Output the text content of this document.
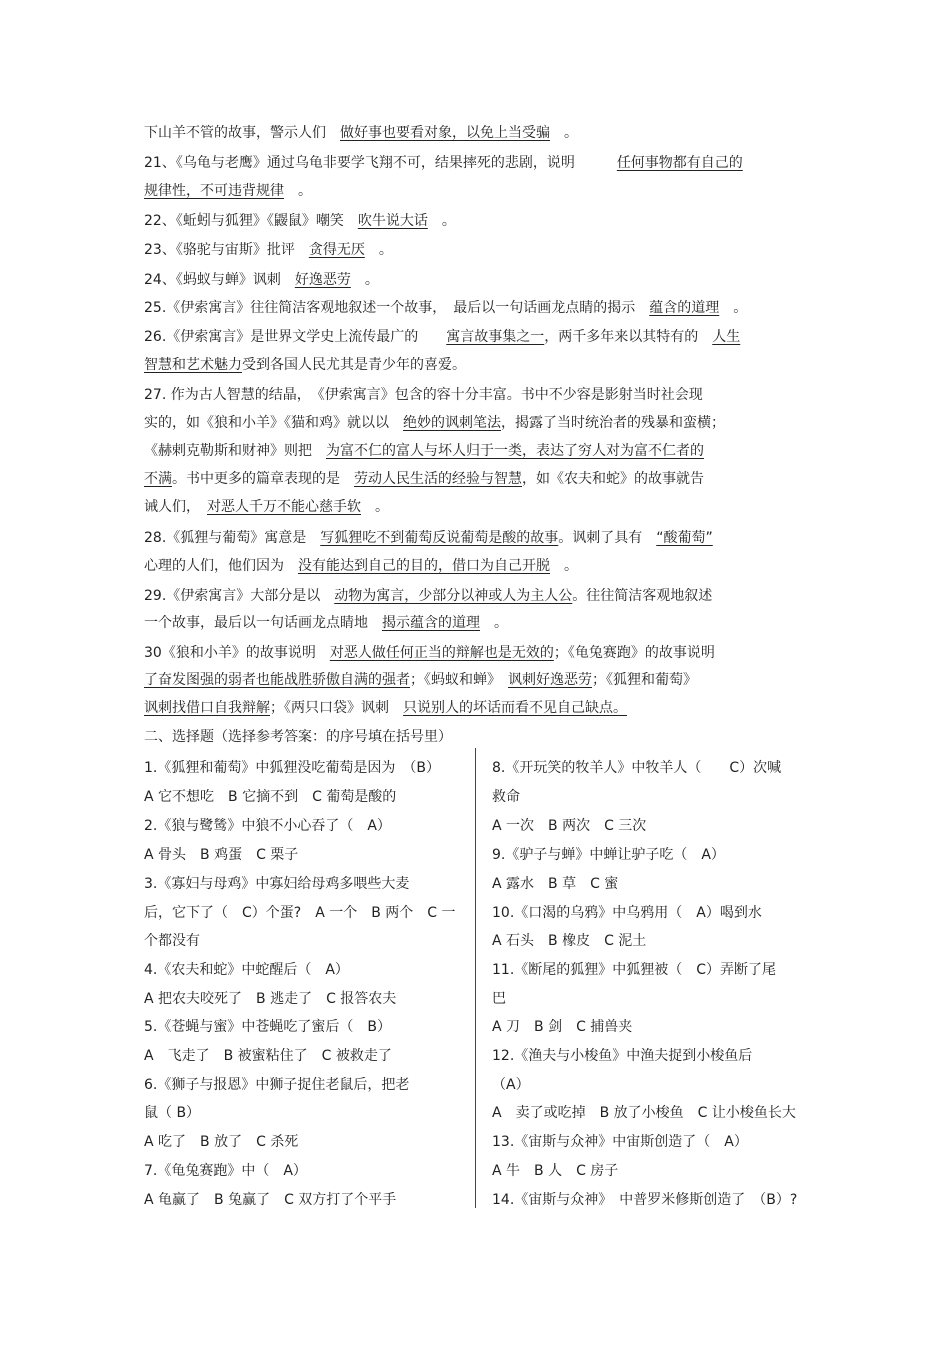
下山羊不管的故事，警示人们　做好事也要看对象，以免上当受骗　。
21、《乌龟与老鹰》通过乌龟非要学飞翔不可，结果摔死的悲剧，说明　　　任何事物都有自己的
规律性，不可违背规律　。
22、《蚯蚓与狐狸》《鼹鼠》嘲笑　吹牛说大话　。
23、《骆驼与宙斯》批评　贪得无厌　。
24、《蚂蚁与蝉》讽刺　好逸恶劳　。
25.《伊索寓言》往往简洁客观地叙述一个故事，　最后以一句话画龙点睛的揭示　蕴含的道理　。
26.《伊索寓言》是世界文学史上流传最广的　　寓言故事集之一，两千多年来以其特有的　人生
智慧和艺术魅力受到各国人民尤其是青少年的喜爱。
27. 作为古人智慧的结晶，　《伊索寓言》包含的容十分丰富。书中不少容是影射当时社会现
实的，如《狼和小羊》《猫和鸡》就以以　绝妙的讽刺笔法，揭露了当时统治者的残暴和蛮横；
《赫剌克勒斯和财神》则把　为富不仁的富人与坏人归于一类，表达了穷人对为富不仁者的
不满。书中更多的篇章表现的是　劳动人民生活的经验与智慧，如《农夫和蛇》的故事就告
诫人们，　对恶人千万不能心慈手软　。
28.《狐狸与葡萄》寓意是　写狐狸吃不到葡萄反说葡萄是酸的故事。讽刺了具有　“酸葡萄”
心理的人们，他们因为　没有能达到自己的目的，借口为自己开脱　。
29.《伊索寓言》大部分是以　动物为寓言，少部分以神或人为主人公。往往简洁客观地叙述
一个故事，最后以一句话画龙点睛地　揭示蕴含的道理　。
30《狼和小羊》的故事说明　对恶人做任何正当的辩解也是无效的；《龟兔赛跑》的故事说明
了奋发图强的弱者也能战胜骄傲自满的强者；《蚂蚁和蝉》　讽刺好逸恶劳；《狐狸和葡萄》
讽刺找借口自我辩解；《两只口袋》讽刺　只说别人的坏话而看不见自己缺点。
二、选择题（选择参考答案：的序号填在括号里）
1.《狐狸和葡萄》中狐狸没吃葡萄是因为　（B）
A 它不想吃　B 它摘不到　C 葡萄是酸的
2.《狼与鹭鸶》中狼不小心吞了（　A）
A 骨头　B 鸡蛋　C 栗子
3.《寡妇与母鸡》中寡妇给母鸡多喂些大麦
后，它下了（　C）个蛋?　A 一个　B 两个　C 一
个都没有
4.《农夫和蛇》中蛇醒后（　A）
A 把农夫咬死了　B 逃走了　C 报答农夫
5.《苍蝇与蜜》中苍蝇吃了蜜后（　B）
A　飞走了　B 被蜜粘住了　C 被救走了
6.《狮子与报恩》中狮子捉住老鼠后，把老
鼠（ B）
A 吃了　B 放了　C 杀死
7.《龟兔赛跑》中（　A）
A 龟赢了　B 兔赢了　C 双方打了个平手
8.《开玩笑的牧羊人》中牧羊人（　　C）次喊
救命
A 一次　B 两次　C 三次
9.《驴子与蝉》中蝉让驴子吃（　A）
A 露水　B 草　C 蜜
10.《口渴的乌鸦》中乌鸦用（　A）喝到水
A 石头　B 橡皮　C 泥土
11.《断尾的狐狸》中狐狸被（　C）弄断了尾
巴
A 刀　B 剑　C 捕兽夹
12.《渔夫与小梭鱼》中渔夫捉到小梭鱼后
（A）
A　卖了或吃掉　B 放了小梭鱼　C 让小梭鱼长大
13.《宙斯与众神》中宙斯创造了（　A）
A 牛　B 人　C 房子
14.《宙斯与众神》　中普罗米修斯创造了　（B）?
